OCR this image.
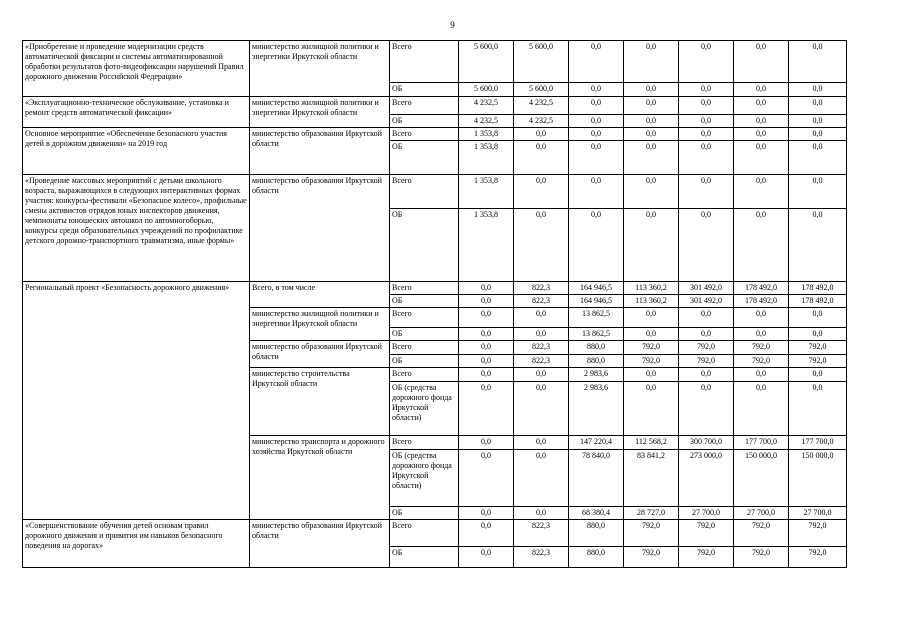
9
«Приобретение и проведение модернизации средств автоматической фиксации и системы автоматизированной обработки результатов фото-видеофиксации нарушений Правил дорожного движения Российской Федерации»	министерство жилищной политики и энергетики Иркутской области	Всего	5 600,0	5 600,0	0,0	0,0	0,0	0,0	0,0
		ОБ	5 600,0	5 600,0	0,0	0,0	0,0	0,0	0,0
«Эксплуатационно-техническое обслуживание, установка и ремонт средств автоматической фиксации»	министерство жилищной политики и энергетики Иркутской области	Всего	4 232,5	4 232,5	0,0	0,0	0,0	0,0	0,0
		ОБ	4 232,5	4 232,5	0,0	0,0	0,0	0,0	0,0
Основное мероприятие «Обеспечение безопасного участия детей в дорожном движении» на 2019 год	министерство образования Иркутской области	Всего	1 353,8	0,0	0,0	0,0	0,0	0,0	0,0
		ОБ	1 353,8	0,0	0,0	0,0	0,0	0,0	0,0
«Проведение массовых мероприятий с детьми школьного возраста, выражающихся в следующих интерактивных формах участия: конкурсы-фестивали «Безопасное колесо», профильные смены активистов отрядов юных инспекторов движения, чемпионаты юношеских автошкол по автомногоборью, конкурсы среди образовательных учреждений по профилактике детского дорожно-транспортного травматизма, иные формы»	министерство образования Иркутской области	Всего	1 353,8	0,0	0,0	0,0	0,0	0,0	0,0
		ОБ	1 353,8	0,0	0,0	0,0	0,0	0,0	0,0
Региональный проект «Безопасность дорожного движения»	Всего, в том числе	Всего	0,0	822,3	164 946,5	113 360,2	301 492,0	178 492,0	178 492,0
		ОБ	0,0	822,3	164 946,5	113 360,2	301 492,0	178 492,0	178 492,0
	министерство жилищной политики и энергетики Иркутской области	Всего	0,0	0,0	13 862,5	0,0	0,0	0,0	0,0
		ОБ	0,0	0,0	13 862,5	0,0	0,0	0,0	0,0
	министерство образования Иркутской области	Всего	0,0	822,3	880,0	792,0	792,0	792,0	792,0
		ОБ	0,0	822,3	880,0	792,0	792,0	792,0	792,0
	министерство строительства Иркутской области	Всего	0,0	0,0	2 983,6	0,0	0,0	0,0	0,0
		ОБ (средства дорожного фонда Иркутской области)	0,0	0,0	2 983,6	0,0	0,0	0,0	0,0
	министерство транспорта и дорожного хозяйства Иркутской области	Всего	0,0	0,0	147 220,4	112 568,2	300 700,0	177 700,0	177 700,0
		ОБ (средства дорожного фонда Иркутской области)	0,0	0,0	78 840,0	83 841,2	273 000,0	150 000,0	150 000,0
		ОБ	0,0	0,0	68 380,4	28 727,0	27 700,0	27 700,0	27 700,0
«Совершенствование обучения детей основам правил дорожного движения и привития им навыков безопасного поведения на дорогах»	министерство образования Иркутской области	Всего	0,0	822,3	880,0	792,0	792,0	792,0	792,0
		ОБ	0,0	822,3	880,0	792,0	792,0	792,0	792,0
